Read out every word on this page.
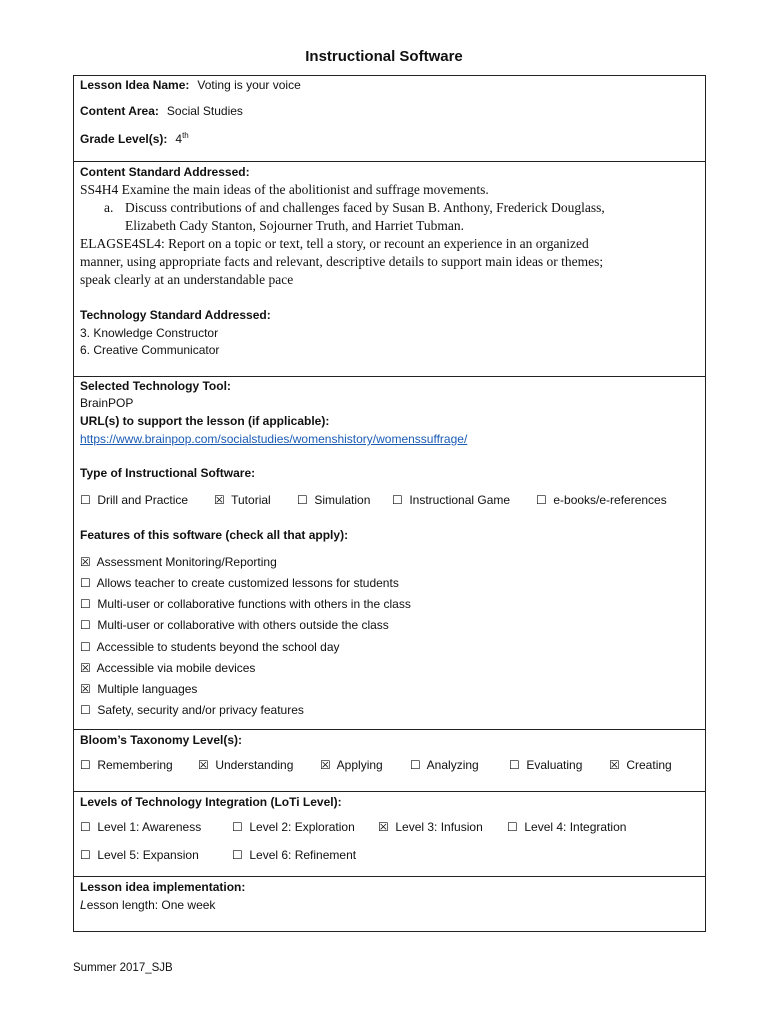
Instructional Software
Lesson Idea Name: Voting is your voice
Content Area: Social Studies
Grade Level(s): 4th
Content Standard Addressed:
SS4H4 Examine the main ideas of the abolitionist and suffrage movements.
a. Discuss contributions of and challenges faced by Susan B. Anthony, Frederick Douglass,
Elizabeth Cady Stanton, Sojourner Truth, and Harriet Tubman.
ELAGSE4SL4: Report on a topic or text, tell a story, or recount an experience in an organized
manner, using appropriate facts and relevant, descriptive details to support main ideas or themes;
speak clearly at an understandable pace
Technology Standard Addressed:
3. Knowledge Constructor
6. Creative Communicator
Selected Technology Tool:
BrainPOP
URL(s) to support the lesson (if applicable):
https://www.brainpop.com/socialstudies/womenshistory/womenssuffrage/
Type of Instructional Software:
☐ Drill and Practice ☒ Tutorial ☐ Simulation ☐ Instructional Game ☐ e-books/e-references
Features of this software (check all that apply):
☒ Assessment Monitoring/Reporting
☐ Allows teacher to create customized lessons for students
☐ Multi-user or collaborative functions with others in the class
☐ Multi-user or collaborative with others outside the class
☐ Accessible to students beyond the school day
☒ Accessible via mobile devices
☒ Multiple languages
☐ Safety, security and/or privacy features
Bloom’s Taxonomy Level(s):
☐ Remembering ☒ Understanding ☒ Applying ☐ Analyzing	☐ Evaluating ☒ Creating
Levels of Technology Integration (LoTi Level):
☐ Level 1: Awareness	☐ Level 2: Exploration ☒ Level 3: Infusion ☐ Level 4: Integration
☐ Level 5: Expansion	☐ Level 6: Refinement
Lesson idea implementation:
Lesson length: One week
Summer 2017_SJB
